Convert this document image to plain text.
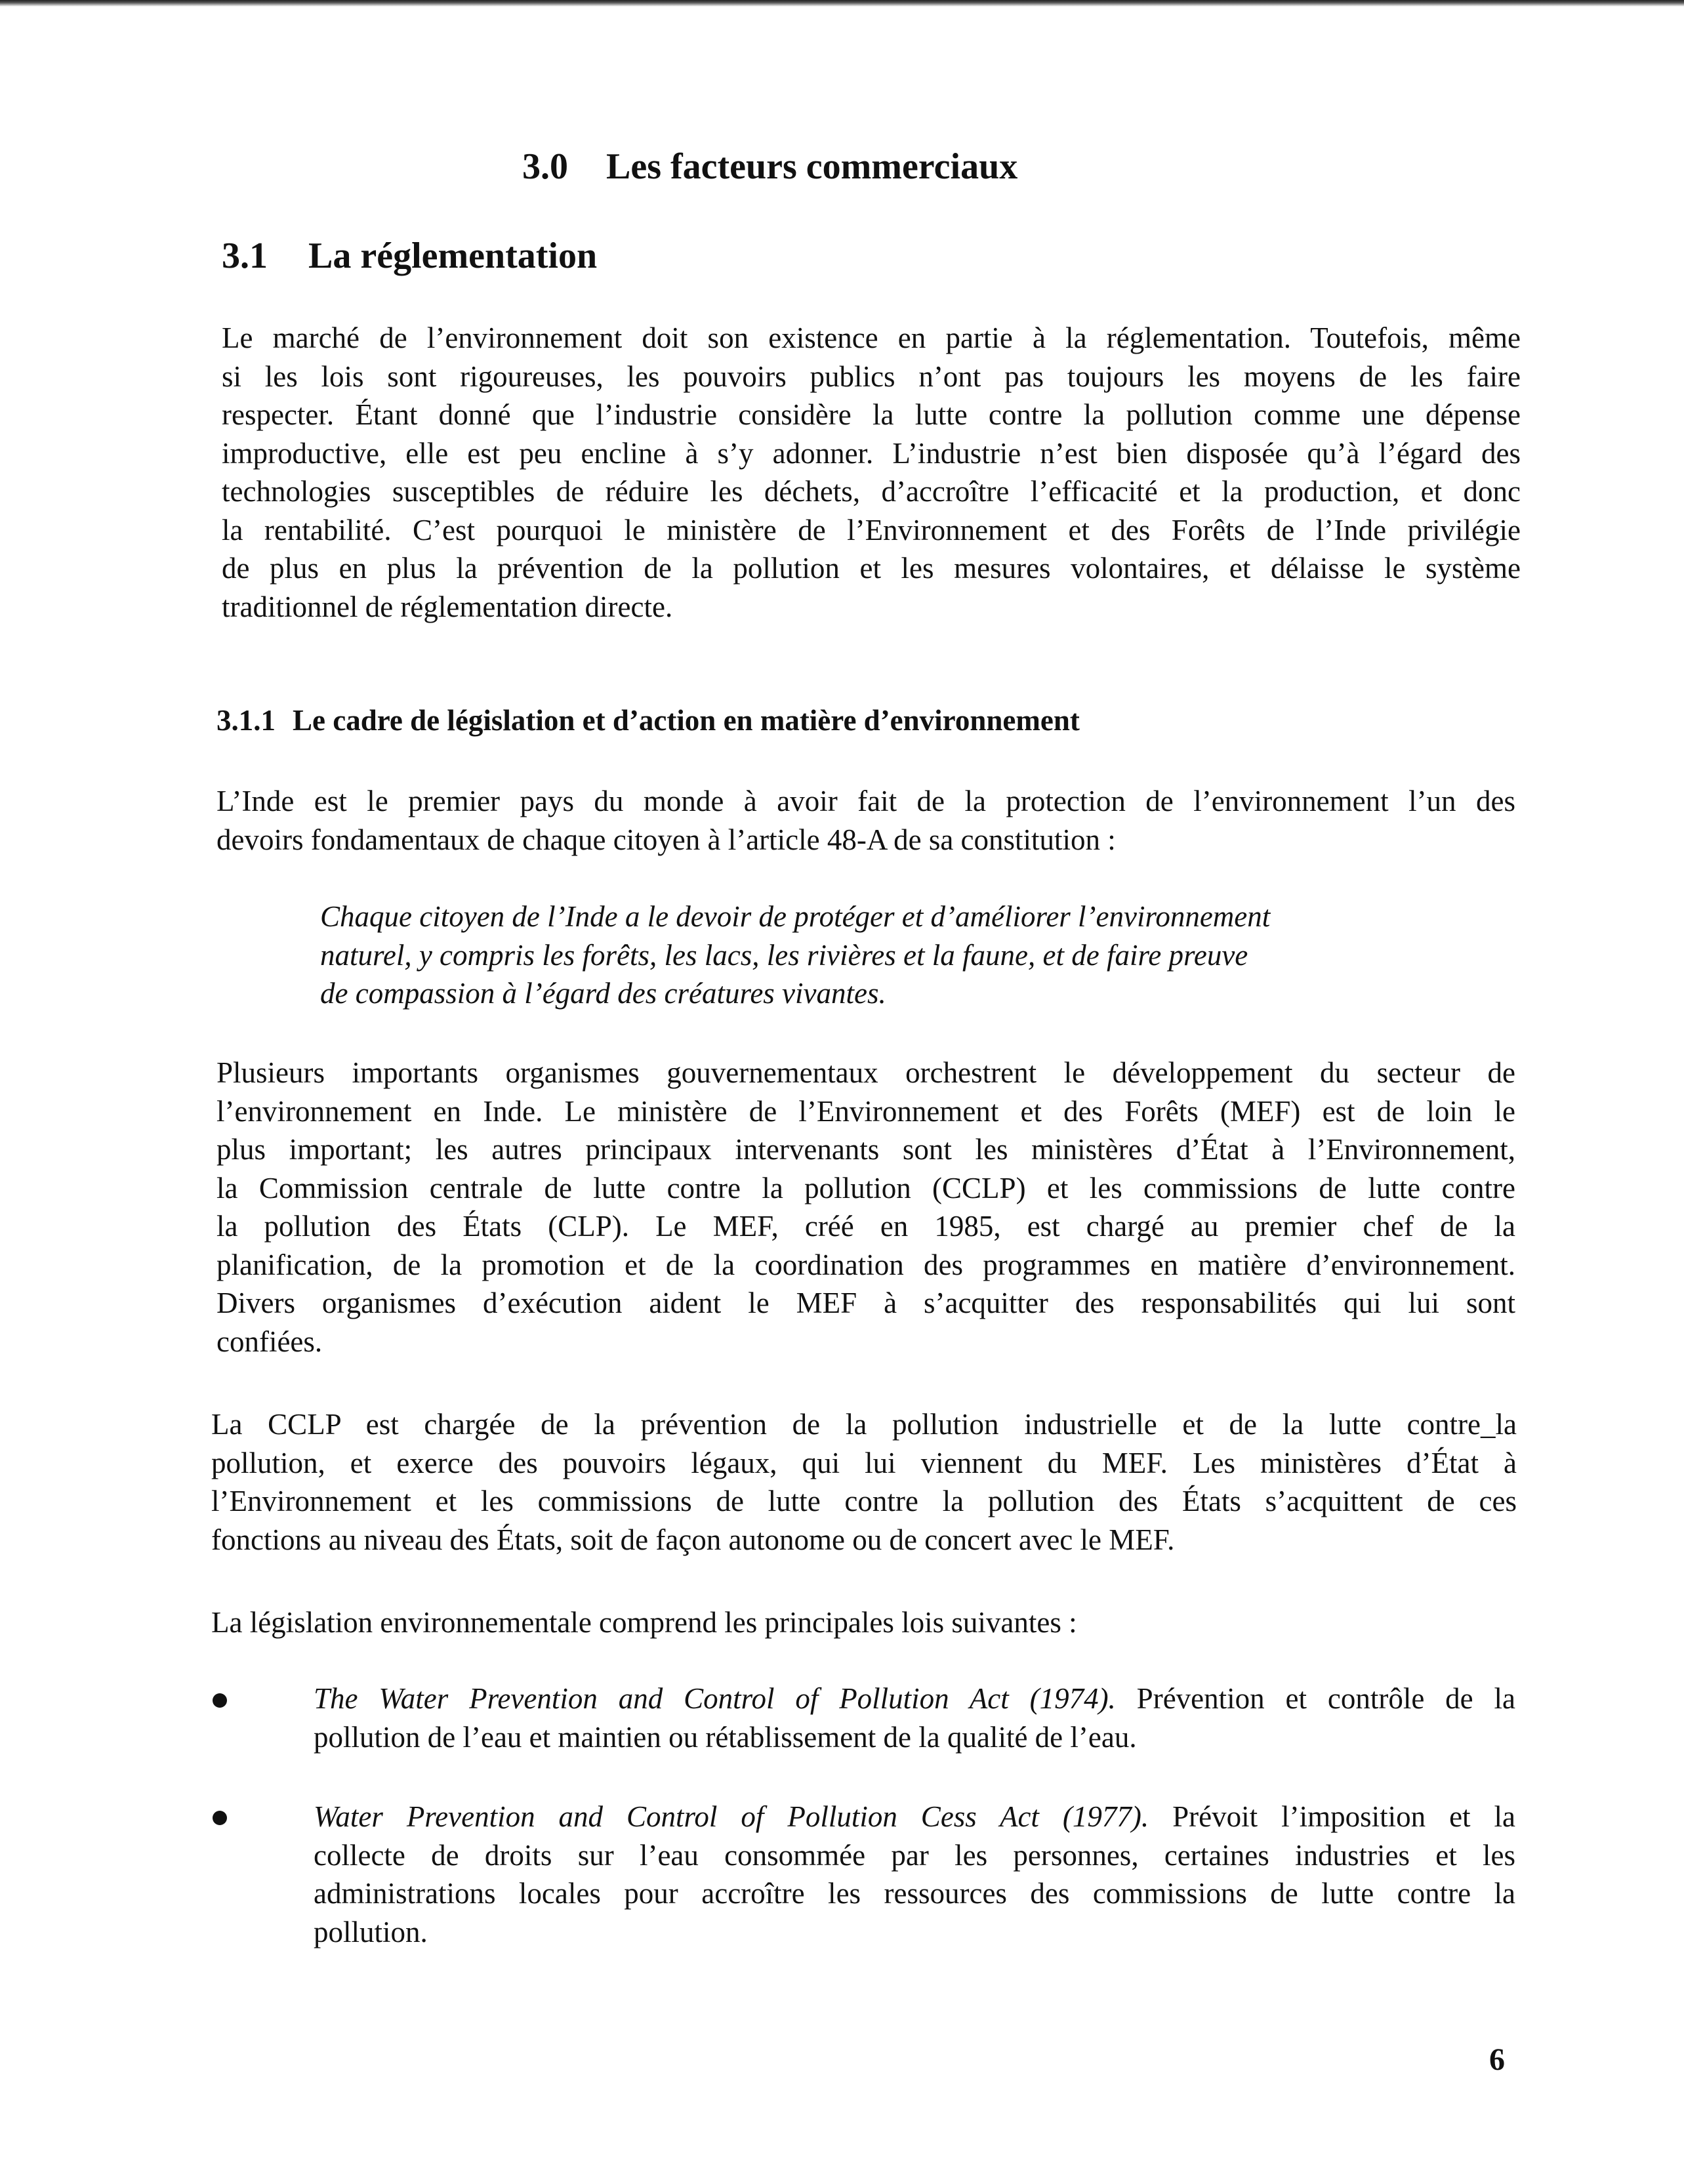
3.0 Les facteurs commerciaux
3.1 La réglementation
Le marché de l’environnement doit son existence en partie à la réglementation. Toutefois, même
si les lois sont rigoureuses, les pouvoirs publics n’ont pas toujours les moyens de les faire
respecter. Étant donné que l’industrie considère la lutte contre la pollution comme une dépense
improductive, elle est peu encline à s’y adonner. L’industrie n’est bien disposée qu’à l’égard des
technologies susceptibles de réduire les déchets, d’accroître l’efficacité et la production, et donc
la rentabilité. C’est pourquoi le ministère de l’Environnement et des Forêts de l’Inde privilégie
de plus en plus la prévention de la pollution et les mesures volontaires, et délaisse le système
traditionnel de réglementation directe.
3.1.1 Le cadre de législation et d’action en matière d’environnement
L’Inde est le premier pays du monde à avoir fait de la protection de l’environnement l’un des
devoirs fondamentaux de chaque citoyen à l’article 48-A de sa constitution :
Chaque citoyen de l’Inde a le devoir de protéger et d’améliorer l’environnement
naturel, y compris les forêts, les lacs, les rivières et la faune, et de faire preuve
de compassion à l’égard des créatures vivantes.
Plusieurs importants organismes gouvernementaux orchestrent le développement du secteur de
l’environnement en Inde. Le ministère de l’Environnement et des Forêts (MEF) est de loin le
plus important; les autres principaux intervenants sont les ministères d’État à l’Environnement,
la Commission centrale de lutte contre la pollution (CCLP) et les commissions de lutte contre
la pollution des États (CLP). Le MEF, créé en 1985, est chargé au premier chef de la
planification, de la promotion et de la coordination des programmes en matière d’environnement.
Divers organismes d’exécution aident le MEF à s’acquitter des responsabilités qui lui sont
confiées.
La CCLP est chargée de la prévention de la pollution industrielle et de la lutte contre_la
pollution, et exerce des pouvoirs légaux, qui lui viennent du MEF. Les ministères d’État à
l’Environnement et les commissions de lutte contre la pollution des États s’acquittent de ces
fonctions au niveau des États, soit de façon autonome ou de concert avec le MEF.
La législation environnementale comprend les principales lois suivantes :
The Water Prevention and Control of Pollution Act (1974). Prévention et contrôle de la
pollution de l’eau et maintien ou rétablissement de la qualité de l’eau.
Water Prevention and Control of Pollution Cess Act (1977). Prévoit l’imposition et la
collecte de droits sur l’eau consommée par les personnes, certaines industries et les
administrations locales pour accroître les ressources des commissions de lutte contre la
pollution.
6
